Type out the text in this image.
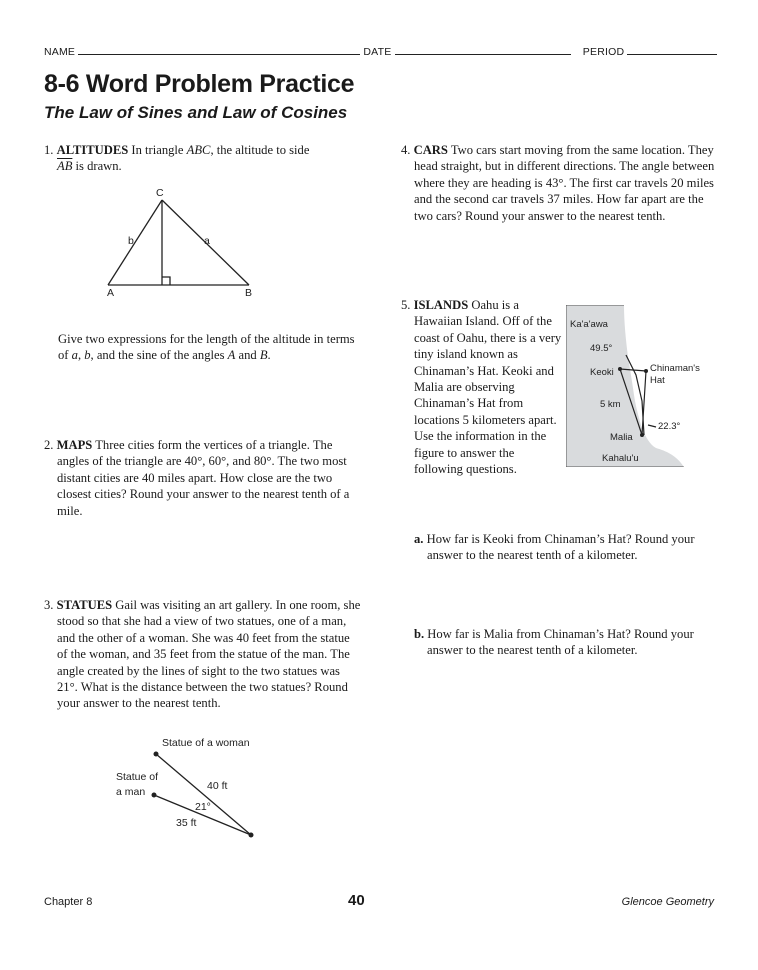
NAME	DATE	PERIOD
8-6 Word Problem Practice
The Law of Sines and Law of Cosines
1. ALTITUDES In triangle ABC, the altitude to side
$\overline{AB}$ is drawn.
C
A	B
b	a
Give two expressions for the length of the altitude in terms of a, b, and the sine of the angles A and B.
2. MAPS Three cities form the vertices of a triangle. The angles of the triangle are 40°, 60°, and 80°. The two most distant cities are 40 miles apart. How close are the two closest cities? Round your answer to the nearest tenth of a mile.
3. STATUES Gail was visiting an art gallery. In one room, she stood so that she had a view of two statues, one of a man, and the other of a woman. She was 40 feet from the statue of the woman, and 35 feet from the statue of the man. The angle created by the lines of sight to the two statues was 21°. What is the distance between the two statues? Round your answer to the nearest tenth.
Statue of a woman
Statue of
a man	40 ft
21°
35 ft
4. CARS Two cars start moving from the same location. They head straight, but in different directions. The angle between where they are heading is 43°. The first car travels 20 miles and the second car travels 37 miles. How far apart are the two cars? Round your answer to the nearest tenth.
5. ISLANDS Oahu is a Hawaiian Island. Off of the coast of Oahu, there is a very tiny island known as Chinaman’s Hat. Keoki and Malia are observing Chinaman’s Hat from locations 5 kilometers apart. Use the information in the figure to answer the following questions.
Ka'a'awa
49.5°
Keoki	Chinaman's
Hat
5 km
22.3°
Malia
Kahalu'u
a. How far is Keoki from Chinaman’s Hat? Round your answer to the nearest tenth of a kilometer.
b. How far is Malia from Chinaman’s Hat? Round your answer to the nearest tenth of a kilometer.
Chapter 8	40	Glencoe Geometry
